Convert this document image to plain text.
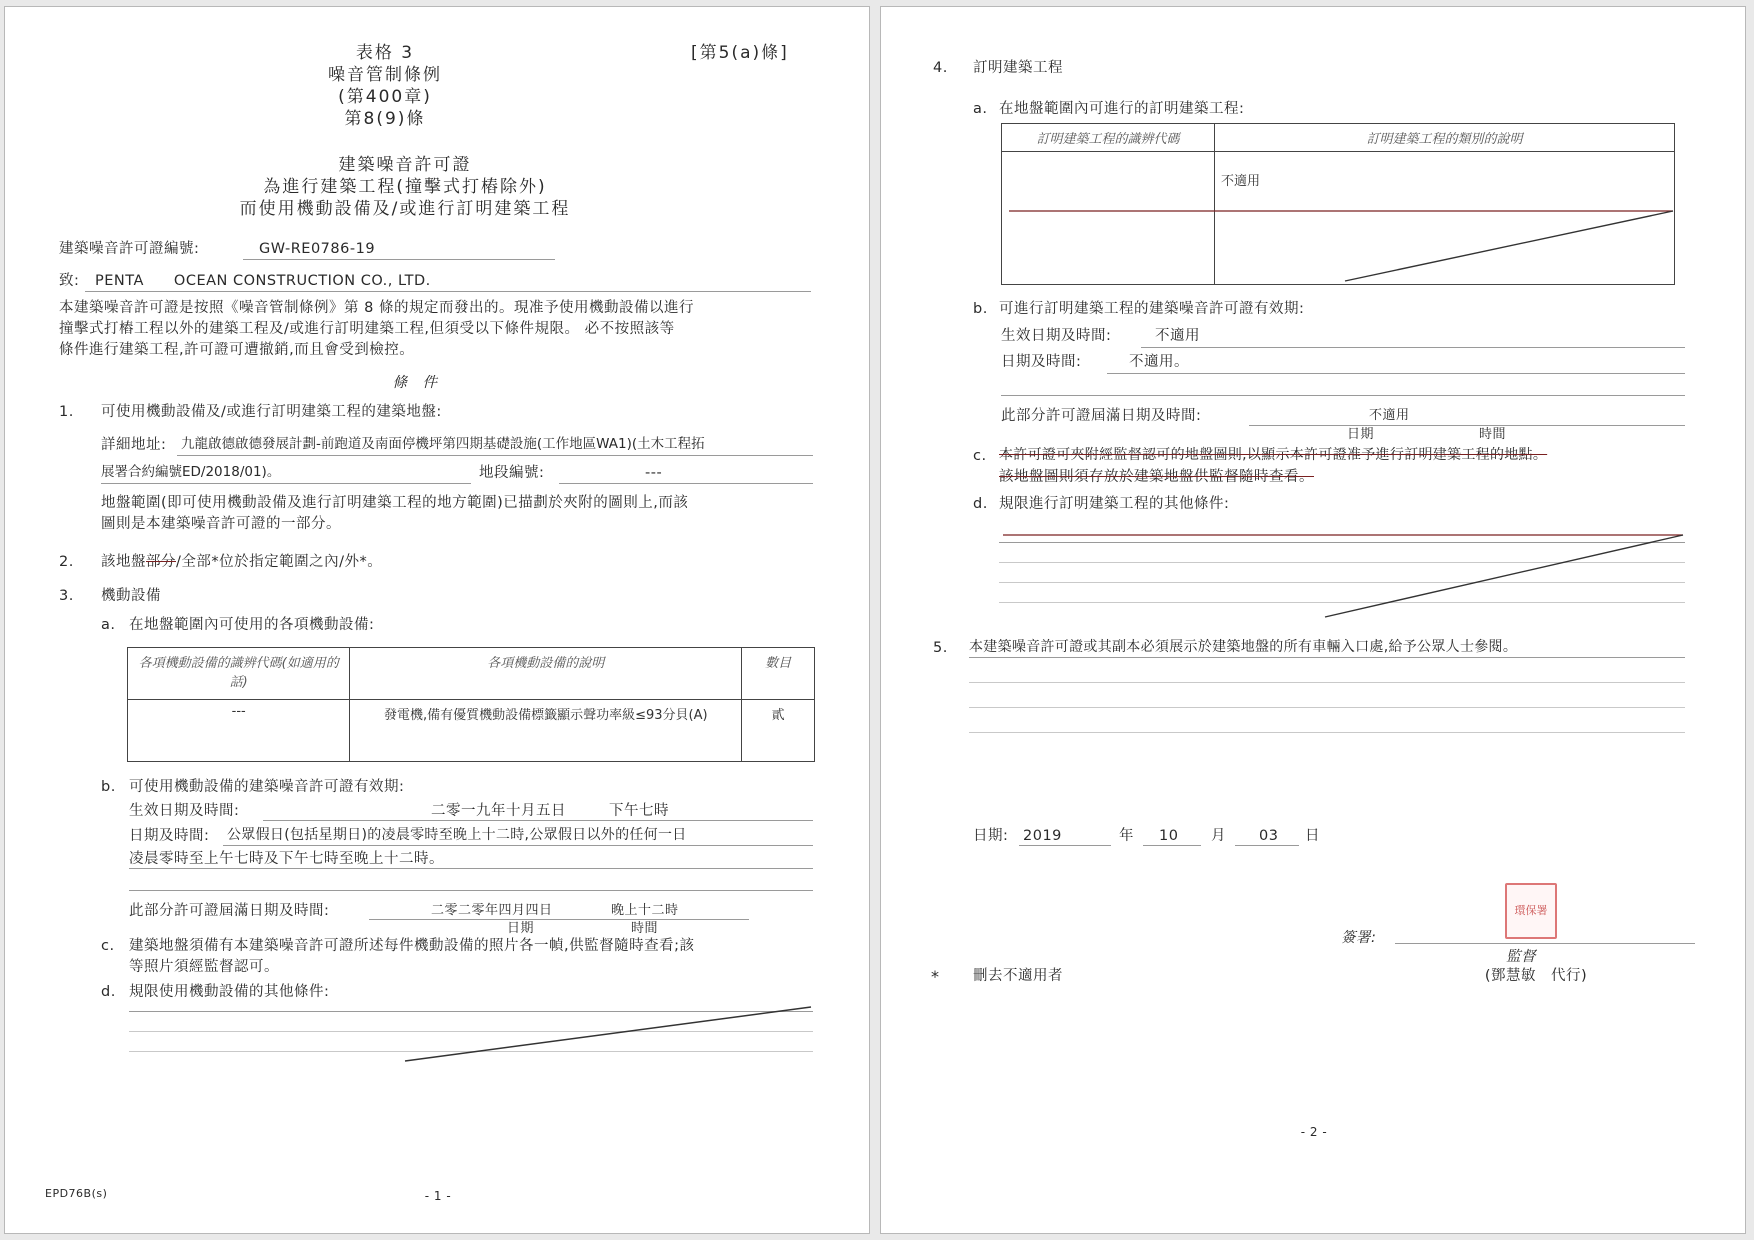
表格 3	[第5(a)條]
噪音管制條例
(第400章)
第8(9)條
建築噪音許可證
為進行建築工程(撞擊式打樁除外)
而使用機動設備及/或進行訂明建築工程
建築噪音許可證編號:	GW-RE0786-19
致: PENTA　　OCEAN CONSTRUCTION CO., LTD.
本建築噪音許可證是按照《噪音管制條例》第 8 條的規定而發出的。現准予使用機動設備以進行
撞擊式打樁工程以外的建築工程及/或進行訂明建築工程,但須受以下條件規限。 必不按照該等
條件進行建築工程,許可證可遭撤銷,而且會受到檢控。
條　件
1. 可使用機動設備及/或進行訂明建築工程的建築地盤:
詳細地址: 九龍啟德啟德發展計劃-前跑道及南面停機坪第四期基礎設施(工作地區WA1)(土木工程拓
展署合約編號ED/2018/01)。	地段編號:	---
地盤範圍(即可使用機動設備及進行訂明建築工程的地方範圍)已描劃於夾附的圖則上,而該
圖則是本建築噪音許可證的一部分。
2. 該地盤部分/全部*位於指定範圍之內/外*。
3. 機動設備
a. 在地盤範圍內可使用的各項機動設備:
各項機動設備的識辨代碼(如適用的話)	各項機動設備的說明	數目
---	發電機,備有優質機動設備標籤顯示聲功率級≤93分貝(A)	貳
b. 可使用機動設備的建築噪音許可證有效期:
生效日期及時間:	二零一九年十月五日	下午七時
日期及時間: 公眾假日(包括星期日)的凌晨零時至晚上十二時,公眾假日以外的任何一日
凌晨零時至上午七時及下午七時至晚上十二時。
此部分許可證屆滿日期及時間:	二零二零年四月四日	晚上十二時
日期	時間
c. 建築地盤須備有本建築噪音許可證所述每件機動設備的照片各一幀,供監督隨時查看;該
等照片須經監督認可。
d. 規限使用機動設備的其他條件:
EPD76B(s)	- 1 -
4. 訂明建築工程
a. 在地盤範圍內可進行的訂明建築工程:
訂明建築工程的識辨代碼	訂明建築工程的類別的說明
	不適用
b. 可進行訂明建築工程的建築噪音許可證有效期:
生效日期及時間:	不適用
日期及時間:	不適用。
此部分許可證屆滿日期及時間:	不適用
日期	時間
c. 本許可證可夾附經監督認可的地盤圖則,以顯示本許可證准予進行訂明建築工程的地點。
該地盤圖則須存放於建築地盤供監督隨時查看。
d. 規限進行訂明建築工程的其他條件:
5. 本建築噪音許可證或其副本必須展示於建築地盤的所有車輛入口處,給予公眾人士參閱。
日期: 2019	年 10 月 03 日
環保署
簽署:
監督
(鄧慧敏　代行)
* 刪去不適用者
- 2 -
